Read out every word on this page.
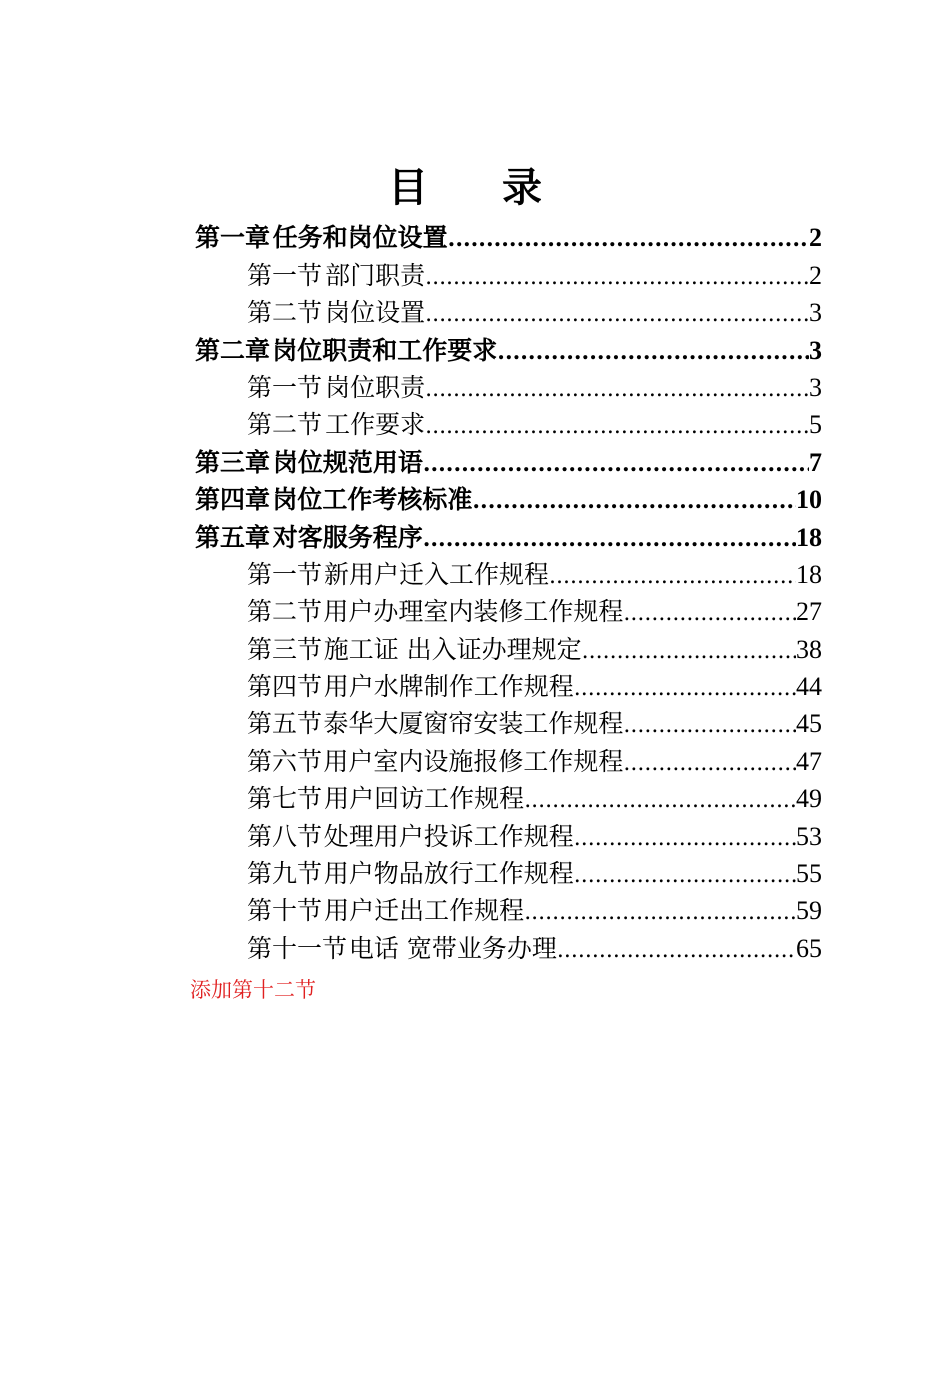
目 录
第一章 任务和岗位设置 .....	2
第一节 部门职责 .....	2
第二节 岗位设置 .....	3
第二章 岗位职责和工作要求 .....	3
第一节 岗位职责 .....	3
第二节 工作要求 .....	5
第三章 岗位规范用语 .....	7
第四章 岗位工作考核标准 .....	10
第五章 对客服务程序 .....	18
第一节 新用户迁入工作规程 .....	18
第二节 用户办理室内装修工作规程 .....	27
第三节 施工证 出入证办理规定 .....	38
第四节 用户水牌制作工作规程 .....	44
第五节 泰华大厦窗帘安装工作规程 .....	45
第六节 用户室内设施报修工作规程 .....	47
第七节 用户回访工作规程 .....	49
第八节 处理用户投诉工作规程 .....	53
第九节 用户物品放行工作规程 .....	55
第十节 用户迁出工作规程 .....	59
第十一节 电话 宽带业务办理 .....	65
添加第十二节
